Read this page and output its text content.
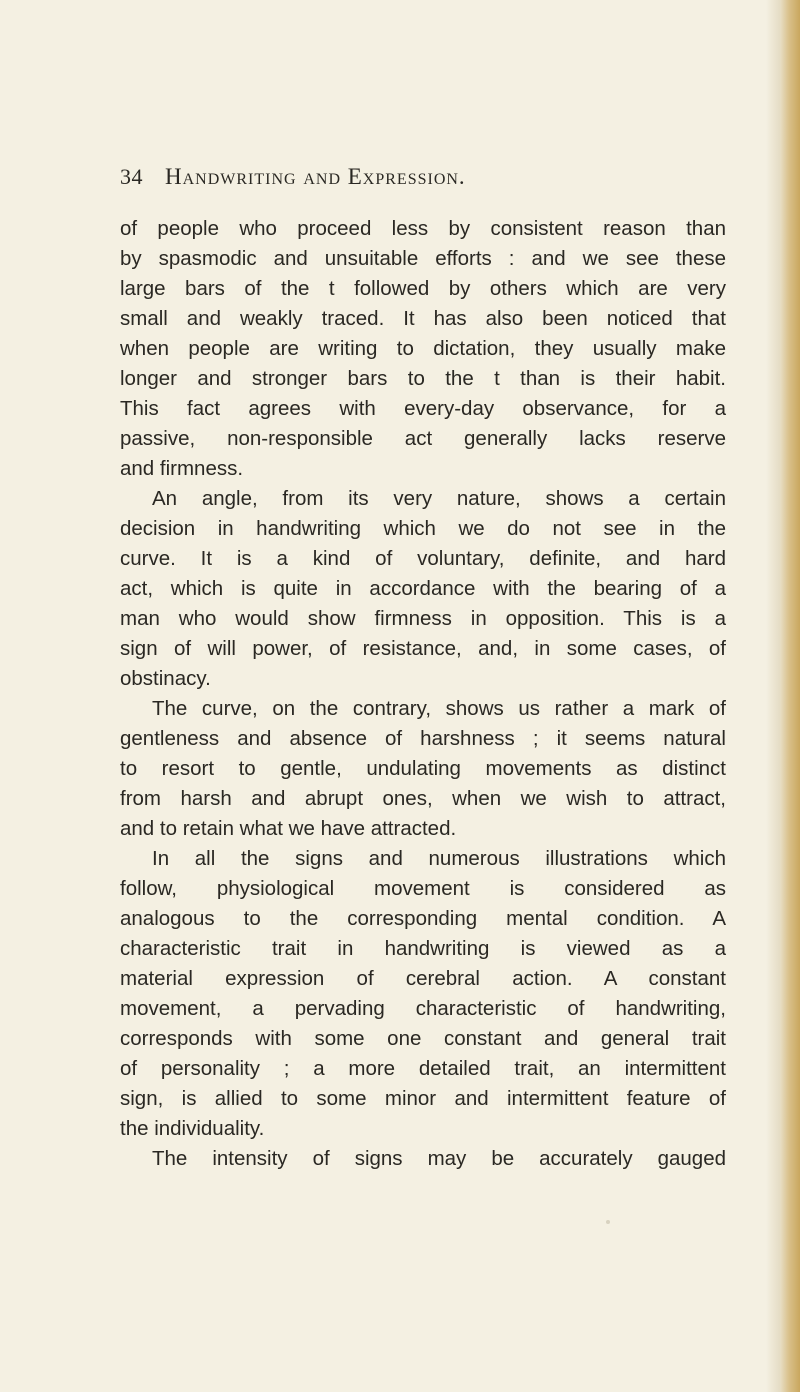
34 Handwriting and Expression.
of people who proceed less by consistent reason than
by spasmodic and unsuitable efforts : and we see these
large bars of the t followed by others which are very
small and weakly traced. It has also been noticed that
when people are writing to dictation, they usually make
longer and stronger bars to the t than is their habit.
This fact agrees with every-day observance, for a
passive, non-responsible act generally lacks reserve
and firmness.
An angle, from its very nature, shows a certain
decision in handwriting which we do not see in the
curve. It is a kind of voluntary, definite, and hard
act, which is quite in accordance with the bearing of a
man who would show firmness in opposition. This is a
sign of will power, of resistance, and, in some cases, of
obstinacy.
The curve, on the contrary, shows us rather a mark of
gentleness and absence of harshness ; it seems natural
to resort to gentle, undulating movements as distinct
from harsh and abrupt ones, when we wish to attract,
and to retain what we have attracted.
In all the signs and numerous illustrations which
follow, physiological movement is considered as
analogous to the corresponding mental condition. A
characteristic trait in handwriting is viewed as a
material expression of cerebral action. A constant
movement, a pervading characteristic of handwriting,
corresponds with some one constant and general trait
of personality ; a more detailed trait, an intermittent
sign, is allied to some minor and intermittent feature of
the individuality.
The intensity of signs may be accurately gauged
